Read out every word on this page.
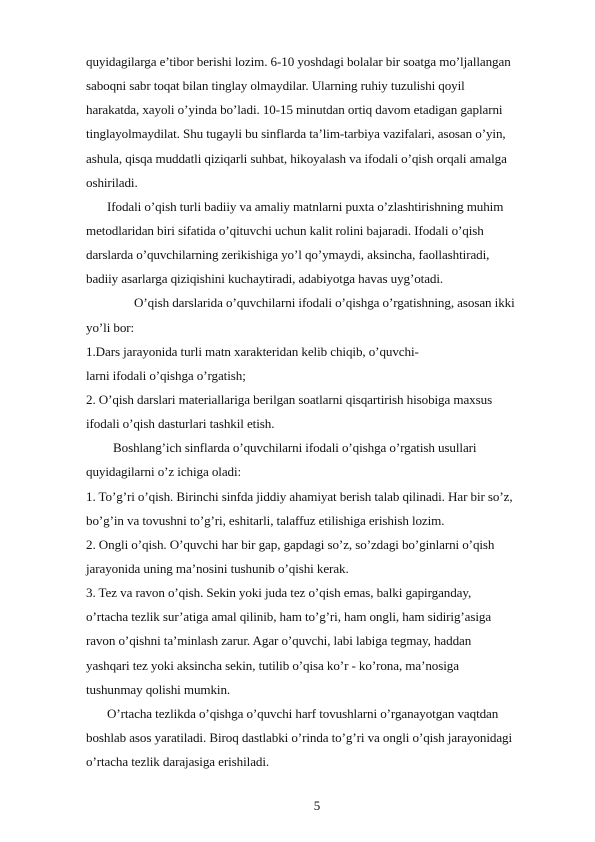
quyidagilarga e’tibor berishi lozim. 6-10 yoshdagi bolalar bir soatga mo’ljallangan
saboqni sabr toqat bilan tinglay olmaydilar. Ularning ruhiy tuzulishi qoyil
harakatda, xayoli o’yinda bo’ladi. 10-15 minutdan ortiq davom etadigan gaplarni
tinglayolmaydilat. Shu tugayli bu sinflarda ta’lim-tarbiya vazifalari, asosan o’yin,
ashula, qisqa muddatli qiziqarli suhbat, hikoyalash va ifodali o’qish orqali amalga
oshiriladi.
Ifodali o’qish turli badiiy va amaliy matnlarni puxta o’zlashtirishning muhim
metodlaridan biri sifatida o’qituvchi uchun kalit rolini bajaradi. Ifodali o’qish
darslarda o’quvchilarning zerikishiga yo’l qo’ymaydi, aksincha, faollashtiradi,
badiiy asarlarga qiziqishini kuchaytiradi, adabiyotga havas uyg’otadi.
O’qish darslarida o’quvchilarni ifodali o’qishga o’rgatishning, asosan ikki
yo’li bor:
1.Dars jarayonida turli matn xarakteridan kelib chiqib, o’quvchi-
larni ifodali o’qishga o’rgatish;
2. O’qish darslari materiallariga berilgan soatlarni qisqartirish hisobiga maxsus
ifodali o’qish dasturlari tashkil etish.
Boshlang’ich sinflarda o’quvchilarni ifodali o’qishga o’rgatish usullari
quyidagilarni o’z ichiga oladi:
1. To’g’ri o’qish. Birinchi sinfda jiddiy ahamiyat berish talab qilinadi. Har bir so’z,
bo’g’in va tovushni to’g’ri, eshitarli, talaffuz etilishiga erishish lozim.
2. Ongli o’qish. O’quvchi har bir gap, gapdagi so’z, so’zdagi bo’ginlarni o’qish
jarayonida uning ma’nosini tushunib o’qishi kerak.
3. Tez va ravon o’qish. Sekin yoki juda tez o’qish emas, balki gapirganday,
o’rtacha tezlik sur’atiga amal qilinib, ham to’g’ri, ham ongli, ham sidirig’asiga
ravon o’qishni ta’minlash zarur. Agar o’quvchi, labi labiga tegmay, haddan
yashqari tez yoki aksincha sekin, tutilib o’qisa ko’r - ko’rona, ma’nosiga
tushunmay qolishi mumkin.
O’rtacha tezlikda o’qishga o’quvchi harf tovushlarni o’rganayotgan vaqtdan
boshlab asos yaratiladi. Biroq dastlabki o’rinda to’g’ri va ongli o’qish jarayonidagi
o’rtacha tezlik darajasiga erishiladi.
5
